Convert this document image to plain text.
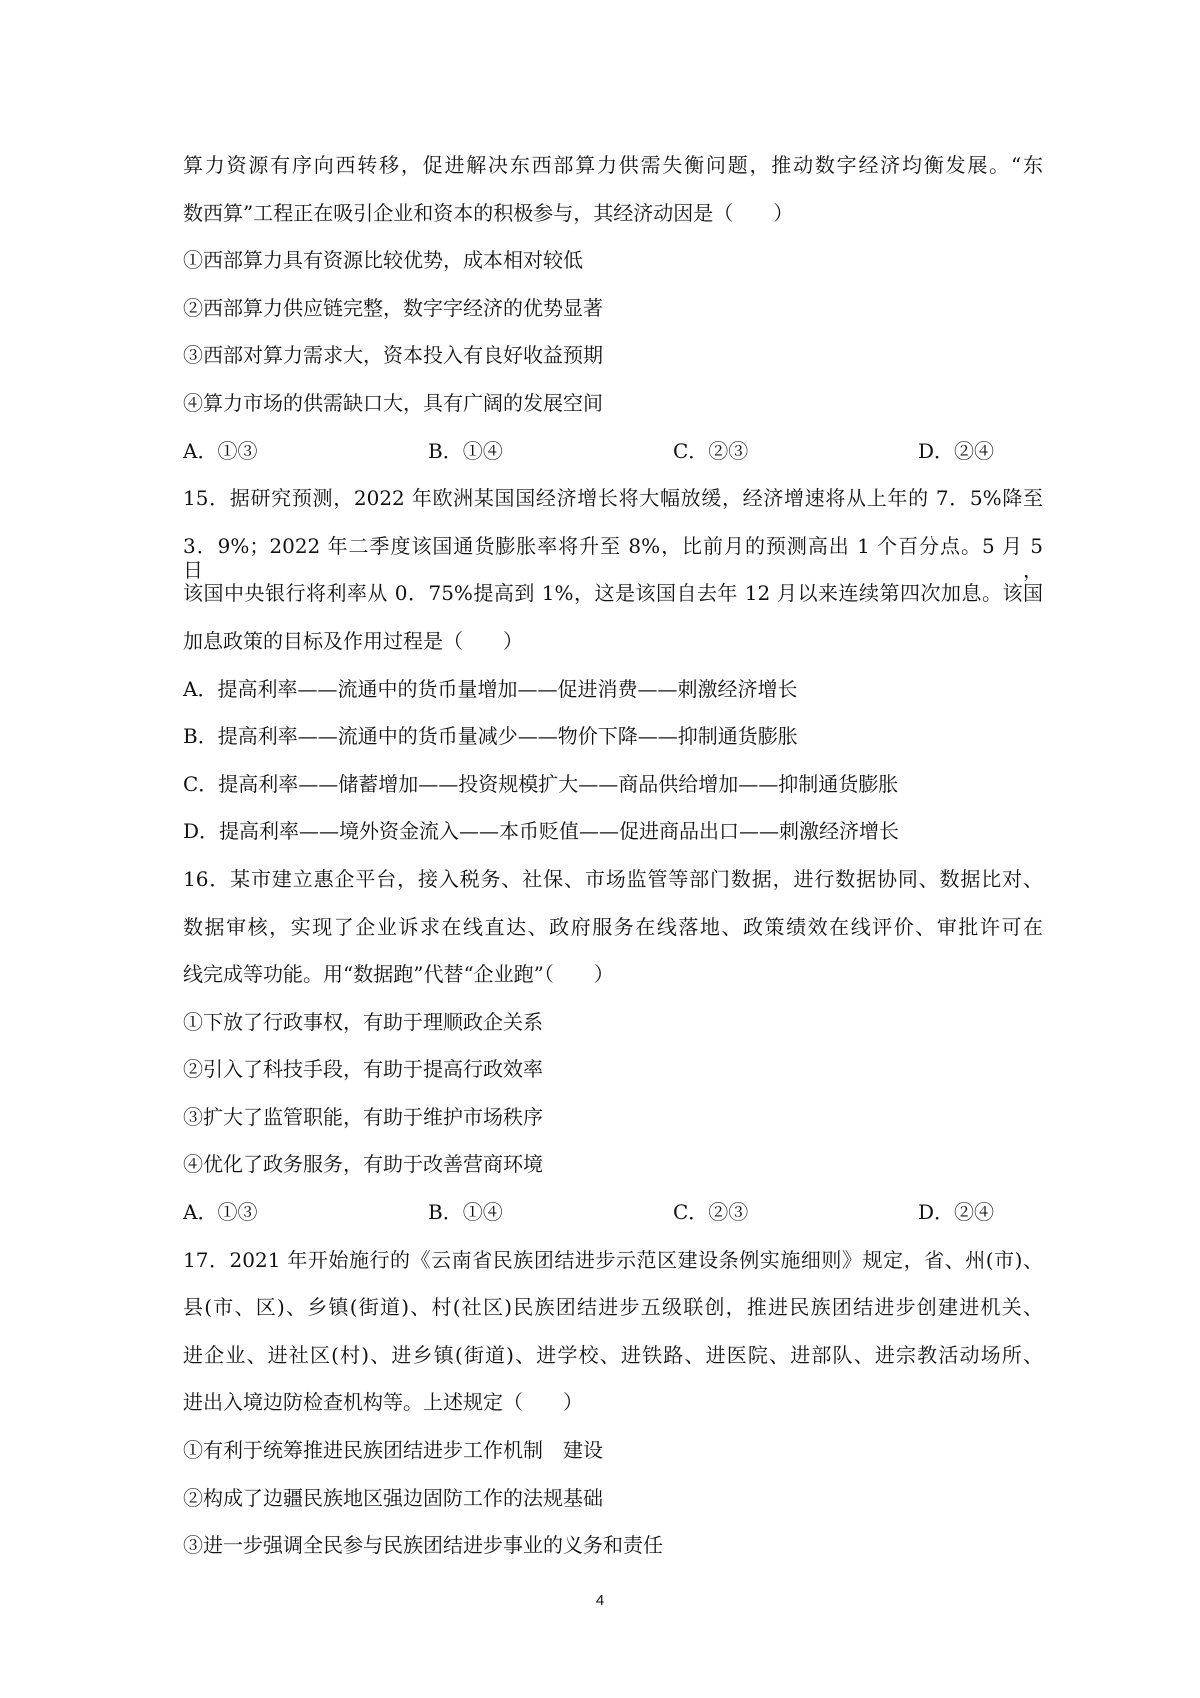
算力资源有序向西转移，促进解决东西部算力供需失衡问题，推动数字经济均衡发展。“东
数西算”工程正在吸引企业和资本的积极参与，其经济动因是（　　）
①西部算力具有资源比较优势，成本相对较低
②西部算力供应链完整，数字字经济的优势显著
③西部对算力需求大，资本投入有良好收益预期
④算力市场的供需缺口大，具有广阔的发展空间
A．①③	B．①④	C．②③	D．②④
15．据研究预测，2022 年欧洲某国国经济增长将大幅放缓，经济增速将从上年的 7．5%降至
3．9%；2022 年二季度该国通货膨胀率将升至 8%，比前月的预测高出 1 个百分点。5 月 5 日，
该国中央银行将利率从 0．75%提高到 1%，这是该国自去年 12 月以来连续第四次加息。该国
加息政策的目标及作用过程是（　　）
A．提高利率——流通中的货币量增加——促进消费——刺激经济增长
B．提高利率——流通中的货币量减少——物价下降——抑制通货膨胀
C．提高利率——储蓄增加——投资规模扩大——商品供给增加——抑制通货膨胀
D．提高利率——境外资金流入——本币贬值——促进商品出口——刺激经济增长
16．某市建立惠企平台，接入税务、社保、市场监管等部门数据，进行数据协同、数据比对、
数据审核，实现了企业诉求在线直达、政府服务在线落地、政策绩效在线评价、审批许可在
线完成等功能。用“数据跑”代替“企业跑”（　　）
①下放了行政事权，有助于理顺政企关系
②引入了科技手段，有助于提高行政效率
③扩大了监管职能，有助于维护市场秩序
④优化了政务服务，有助于改善营商环境
A．①③	B．①④	C．②③	D．②④
17．2021 年开始施行的《云南省民族团结进步示范区建设条例实施细则》规定，省、州(市)、
县(市、区)、乡镇(街道)、村(社区)民族团结进步五级联创，推进民族团结进步创建进机关、
进企业、进社区(村)、进乡镇(街道)、进学校、进铁路、进医院、进部队、进宗教活动场所、
进出入境边防检查机构等。上述规定（　　）
①有利于统筹推进民族团结进步工作机制　建设
②构成了边疆民族地区强边固防工作的法规基础
③进一步强调全民参与民族团结进步事业的义务和责任
4
